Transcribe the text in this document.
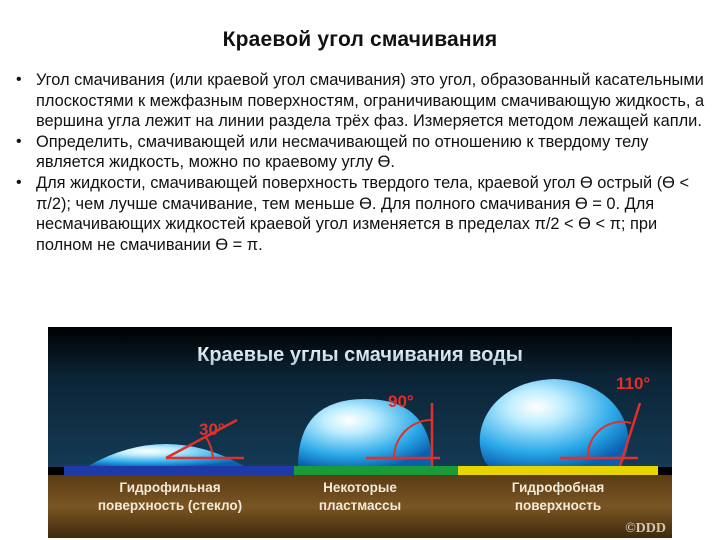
Краевой угол смачивания
• Угол смачивания (или краевой угол смачивания) это угол, образованный касательными плоскостями к межфазным поверхностям, ограничивающим смачивающую жидкость, а вершина угла лежит на линии раздела трёх фаз. Измеряется методом лежащей капли.
• Определить, смачивающей или несмачивающей по отношению к твердому телу является жидкость, можно по краевому углу ϴ.
• Для жидкости, смачивающей поверхность твердого тела, краевой угол ϴ острый (ϴ < π/2); чем лучше смачивание, тем меньше ϴ. Для полного смачивания ϴ = 0. Для несмачивающих жидкостей краевой угол изменяется в пределах π/2 < ϴ < π; при полном не смачивании ϴ = π.
Краевые углы смачивания воды
30°
90°
110°
Гидрофильная
поверхность (стекло)
Некоторые
пластмассы
Гидрофобная
поверхность
©DDD
